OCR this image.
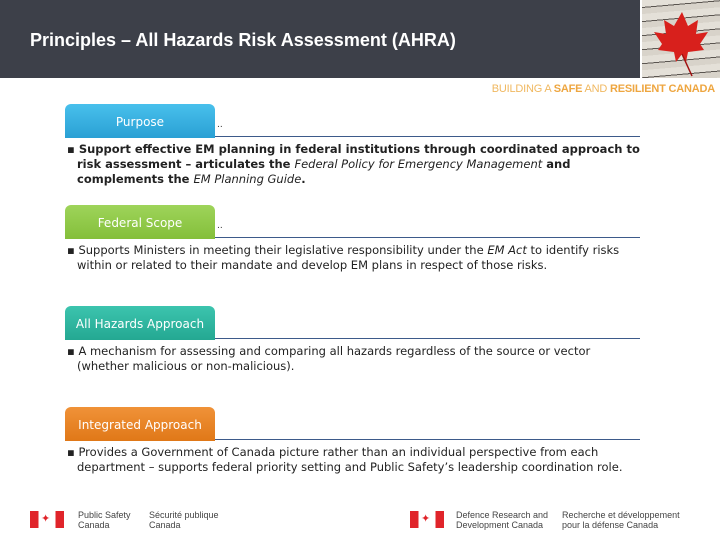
Principles – All Hazards Risk Assessment (AHRA)
BUILDING A SAFE AND RESILIENT CANADA
Purpose	..
▪ Support effective EM planning in federal institutions through coordinated approach to risk assessment – articulates the Federal Policy for Emergency Management and complements the EM Planning Guide.
Federal Scope	..
▪ Supports Ministers in meeting their legislative responsibility under the EM Act to identify risks within or related to their mandate and develop EM plans in respect of those risks.
All Hazards Approach
▪ A mechanism for assessing and comparing all hazards regardless of the source or vector (whether malicious or non-malicious).
Integrated Approach
▪ Provides a Government of Canada picture rather than an individual perspective from each department – supports federal priority setting and Public Safety’s leadership coordination role.
✦
Public Safety
Canada
Sécurité publique
Canada
✦
Defence Research and
Development Canada
Recherche et développement
pour la défense Canada
